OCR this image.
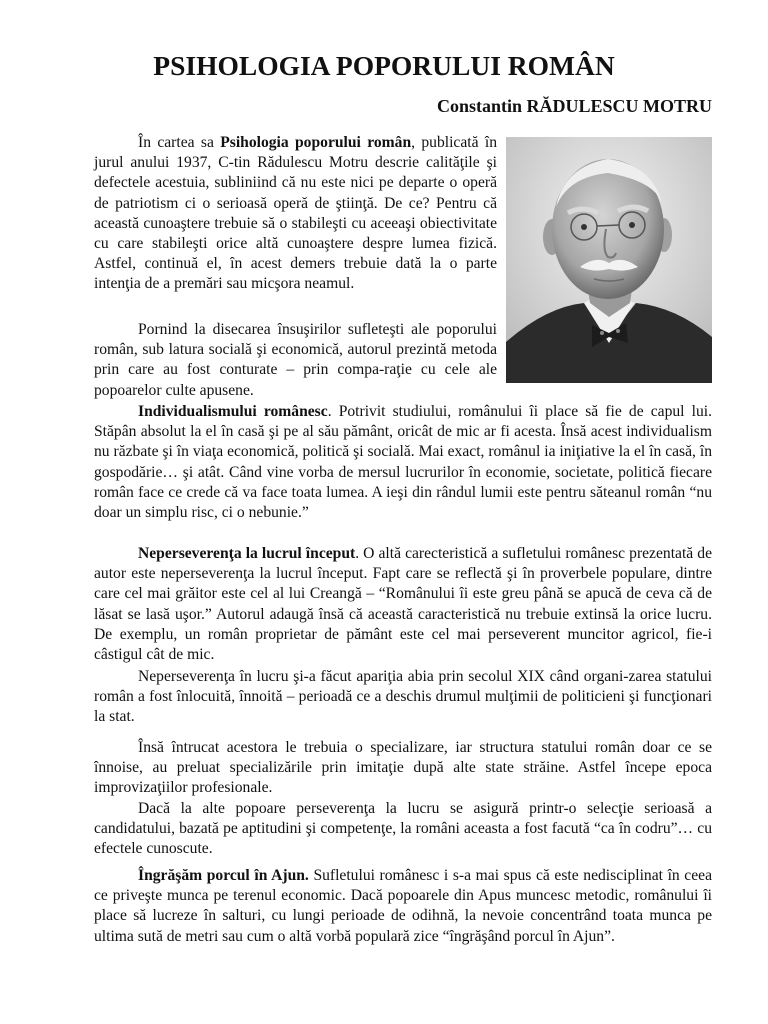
PSIHOLOGIA POPORULUI ROMÂN

Constantin RĂDULESCU MOTRU

În cartea sa Psihologia poporului român, publicată în jurul anului 1937, C-tin Rădulescu Motru descrie calităţile şi defectele acestuia, subliniind că nu este nici pe departe o operă de patriotism ci o serioasă operă de ştiinţă. De ce? Pentru că această cunoaştere trebuie să o stabileşti cu aceeaşi obiectivitate cu care stabileşti orice altă cunoaştere despre lumea fizică. Astfel, continuă el, în acest demers trebuie dată la o parte intenţia de a premări sau micşora neamul.

Pornind la disecarea însuşirilor sufleteşti ale poporului român, sub latura socială şi economică, autorul prezintă metoda prin care au fost conturate – prin compa-raţie cu cele ale popoarelor culte apusene.

Individualismului românesc. Potrivit studiului, românului îi place să fie de capul lui. Stăpân absolut la el în casă şi pe al său pământ, oricât de mic ar fi acesta. Însă acest individualism nu răzbate şi în viaţa economică, politică şi socială. Mai exact, românul ia iniţiative la el în casă, în gospodărie… şi atât. Când vine vorba de mersul lucrurilor în economie, societate, politică fiecare român face ce crede că va face toata lumea. A ieşi din rândul lumii este pentru săteanul român “nu doar un simplu risc, ci o nebunie.”

Neperseverenţa la lucrul început. O altă carecteristică a sufletului românesc prezentată de autor este neperseverenţa la lucrul început. Fapt care se reflectă şi în proverbele populare, dintre care cel mai grăitor este cel al lui Creangă – “Românului îi este greu până se apucă de ceva că de lăsat se lasă uşor.” Autorul adaugă însă că această caracteristică nu trebuie extinsă la orice lucru. De exemplu, un român proprietar de pământ este cel mai perseverent muncitor agricol, fie-i câstigul cât de mic.

Neperseverenţa în lucru şi-a făcut apariţia abia prin secolul XIX când organi-zarea statului român a fost înlocuită, înnoită – perioadă ce a deschis drumul mulţimii de politicieni şi funcţionari la stat.

Însă întrucat acestora le trebuia o specializare, iar structura statului român doar ce se înnoise, au preluat specializările prin imitaţie după alte state străine. Astfel începe epoca improvizaţiilor profesionale.

Dacă la alte popoare perseverenţa la lucru se asigură printr-o selecţie serioasă a candidatului, bazată pe aptitudini şi competenţe, la români aceasta a fost facută “ca în codru”… cu efectele cunoscute.

Îngrăşăm porcul în Ajun. Sufletului românesc i s-a mai spus că este nedisciplinat în ceea ce priveşte munca pe terenul economic. Dacă popoarele din Apus muncesc metodic, românului îi place să lucreze în salturi, cu lungi perioade de odihnă, la nevoie concentrând toata munca pe ultima sută de metri sau cum o altă vorbă populară zice “îngrăşând porcul în Ajun”.
